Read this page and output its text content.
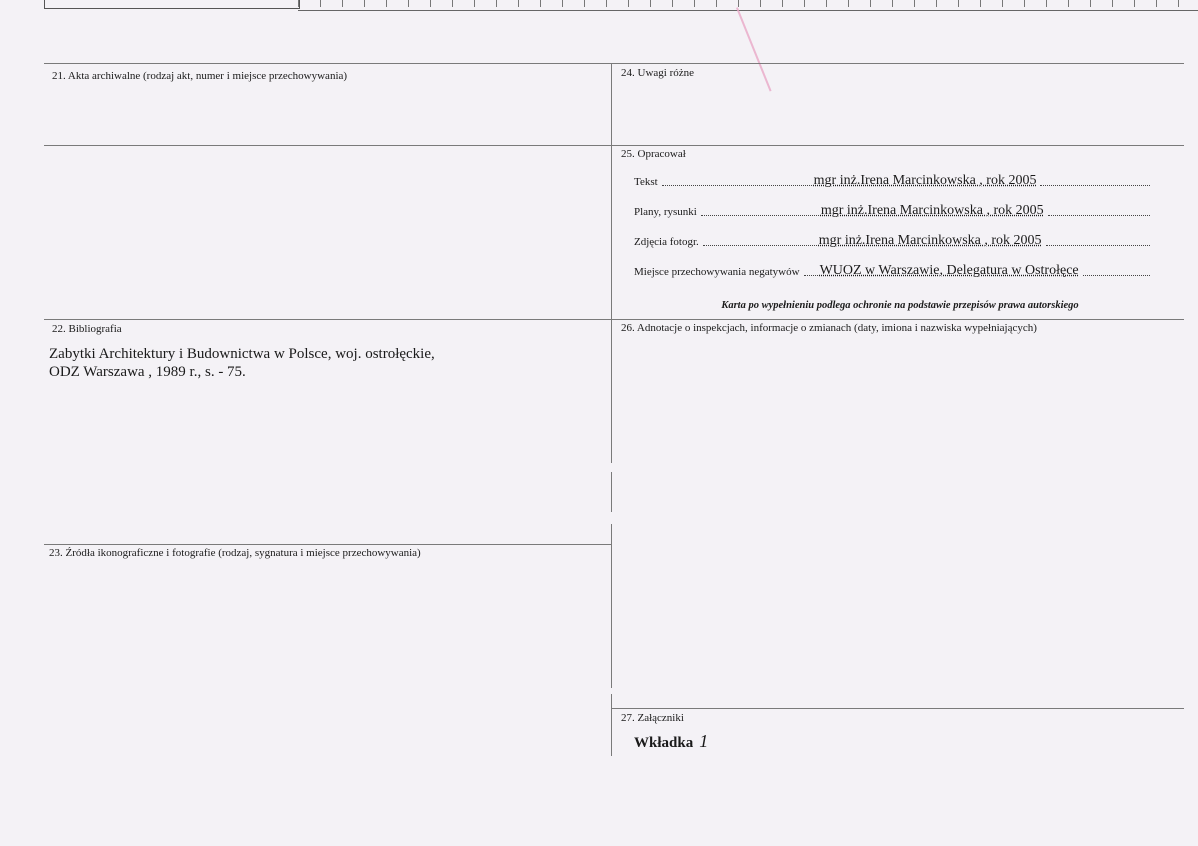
21. Akta archiwalne (rodzaj akt, numer i miejsce przechowywania)	24. Uwagi różne
25. Opracował
22. Bibliografia	26. Adnotacje o inspekcjach, informacje o zmianach (daty, imiona i nazwiska wypełniających)
23. Źródła ikonograficzne i fotografie (rodzaj, sygnatura i miejsce przechowywania)
27. Załączniki
Zabytki Architektury i Budownictwa w Polsce, woj. ostrołęckie,
ODZ Warszawa , 1989 r., s. - 75.
Tekst	mgr inż.Irena Marcinkowska , rok 2005
Plany, rysunki	mgr inż.Irena Marcinkowska , rok 2005
Zdjęcia fotogr.	mgr inż.Irena Marcinkowska , rok 2005
Miejsce przechowywania negatywów WUOZ w Warszawie, Delegatura w Ostrołęce
Karta po wypełnieniu podlega ochronie na podstawie przepisów prawa autorskiego
Wkładka 1
